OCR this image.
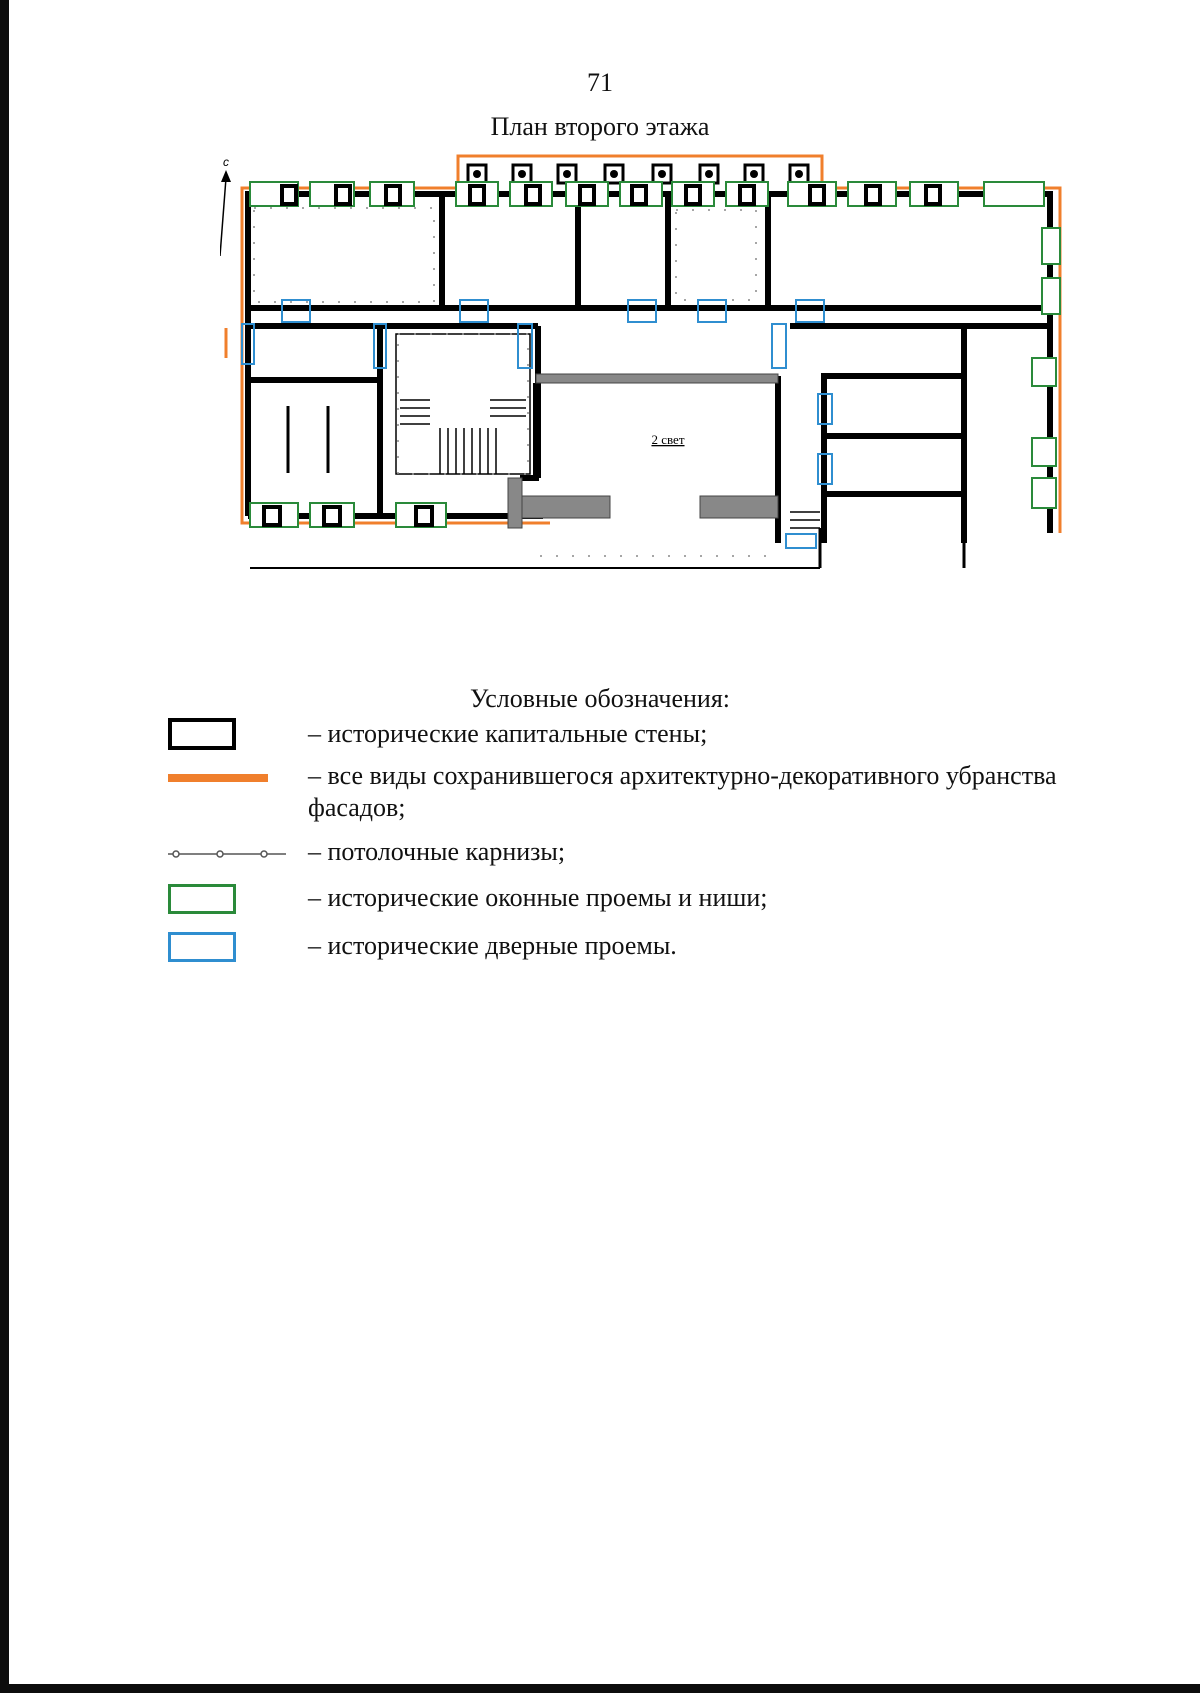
71
План второго этажа
с
2 свет
Условные обозначения:
– исторические капитальные стены;
– все виды сохранившегося архитектурно-декоративного убранства фасадов;
– потолочные карнизы;
– исторические оконные проемы и ниши;
– исторические дверные проемы.
